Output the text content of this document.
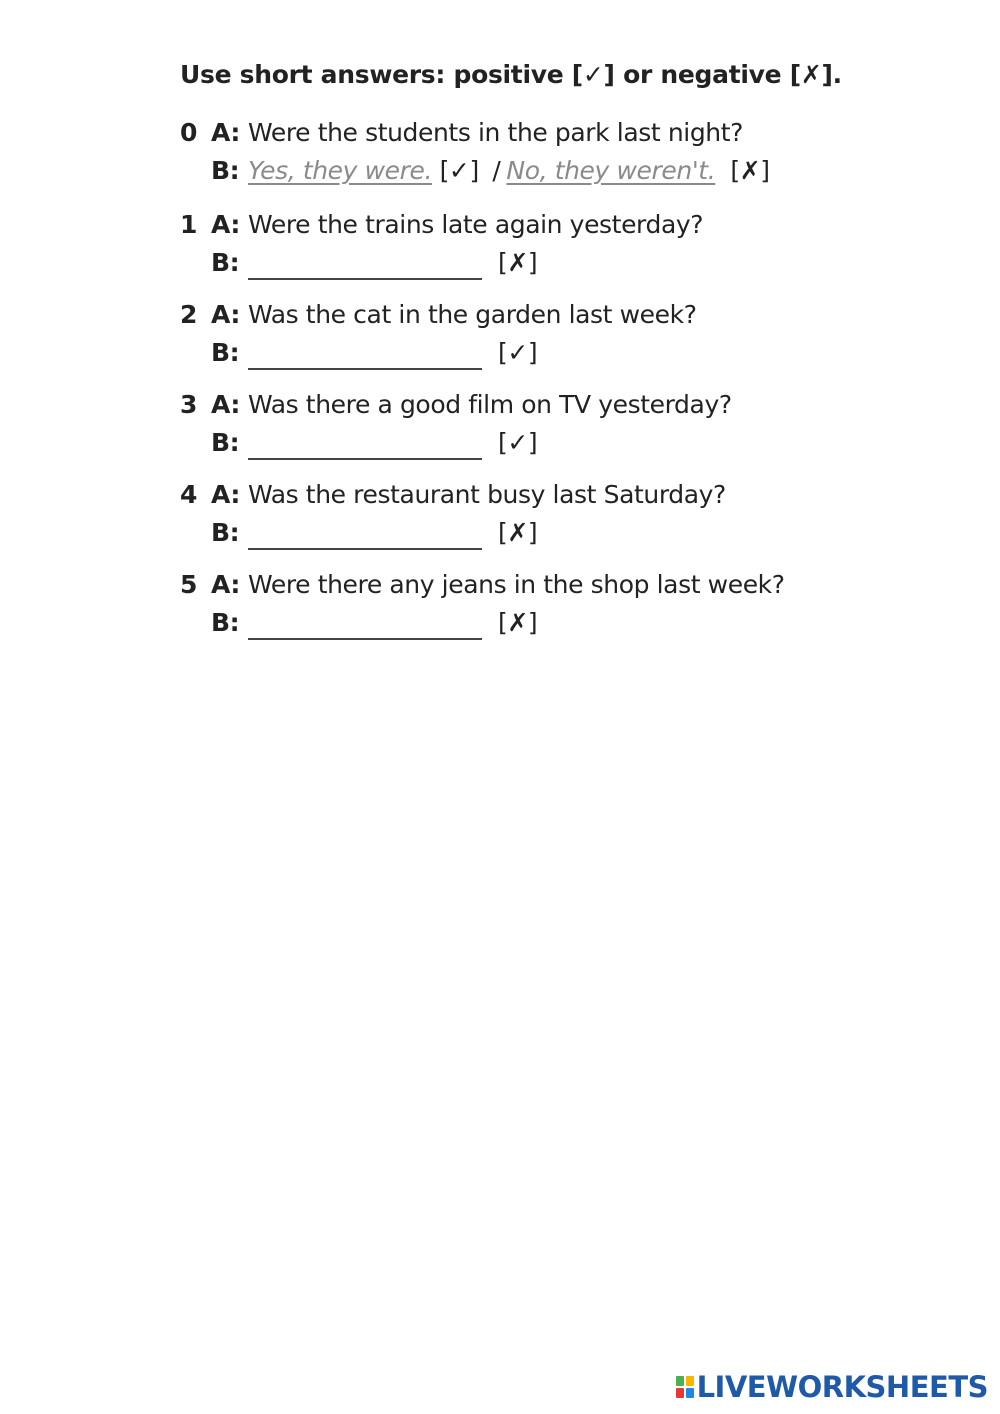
Use short answers: positive [✓] or negative [✗].
0 A: Were the students in the park last night?
B: Yes, they were. [✓] / No, they weren't. [✗]
1 A: Were the trains late again yesterday?
B:	[✗]
2 A: Was the cat in the garden last week?
B:	[✓]
3 A: Was there a good film on TV yesterday?
B:	[✓]
4 A: Was the restaurant busy last Saturday?
B:	[✗]
5 A: Were there any jeans in the shop last week?
B:	[✗]
LIVEWORKSHEETS
